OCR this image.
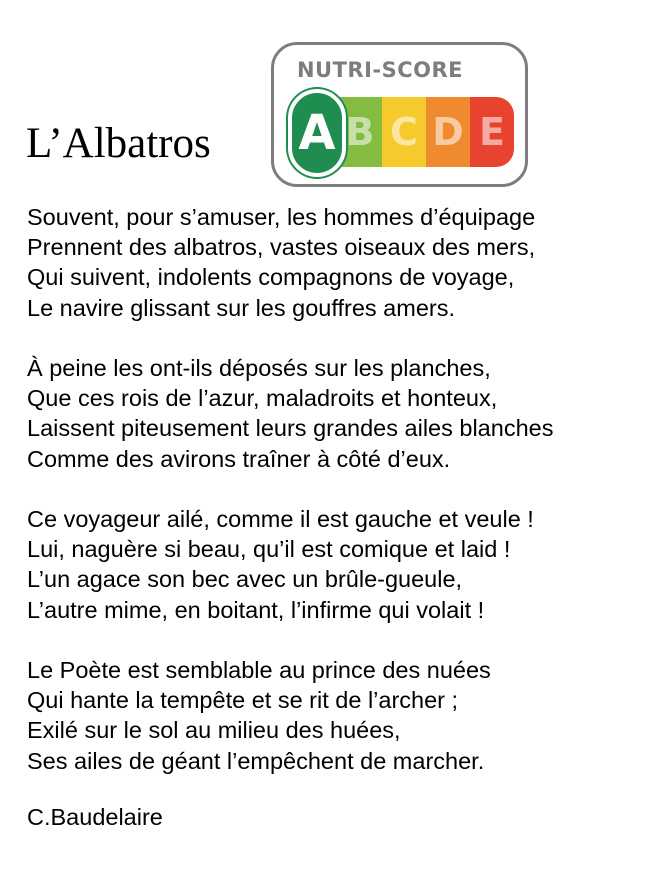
L’Albatros
NUTRI-SCORE
B C D E
A
Souvent, pour s’amuser, les hommes d’équipage
Prennent des albatros, vastes oiseaux des mers,
Qui suivent, indolents compagnons de voyage,
Le navire glissant sur les gouffres amers.
À peine les ont-ils déposés sur les planches,
Que ces rois de l’azur, maladroits et honteux,
Laissent piteusement leurs grandes ailes blanches
Comme des avirons traîner à côté d’eux.
Ce voyageur ailé, comme il est gauche et veule !
Lui, naguère si beau, qu’il est comique et laid !
L’un agace son bec avec un brûle-gueule,
L’autre mime, en boitant, l’infirme qui volait !
Le Poète est semblable au prince des nuées
Qui hante la tempête et se rit de l’archer ;
Exilé sur le sol au milieu des huées,
Ses ailes de géant l’empêchent de marcher.
C.Baudelaire
